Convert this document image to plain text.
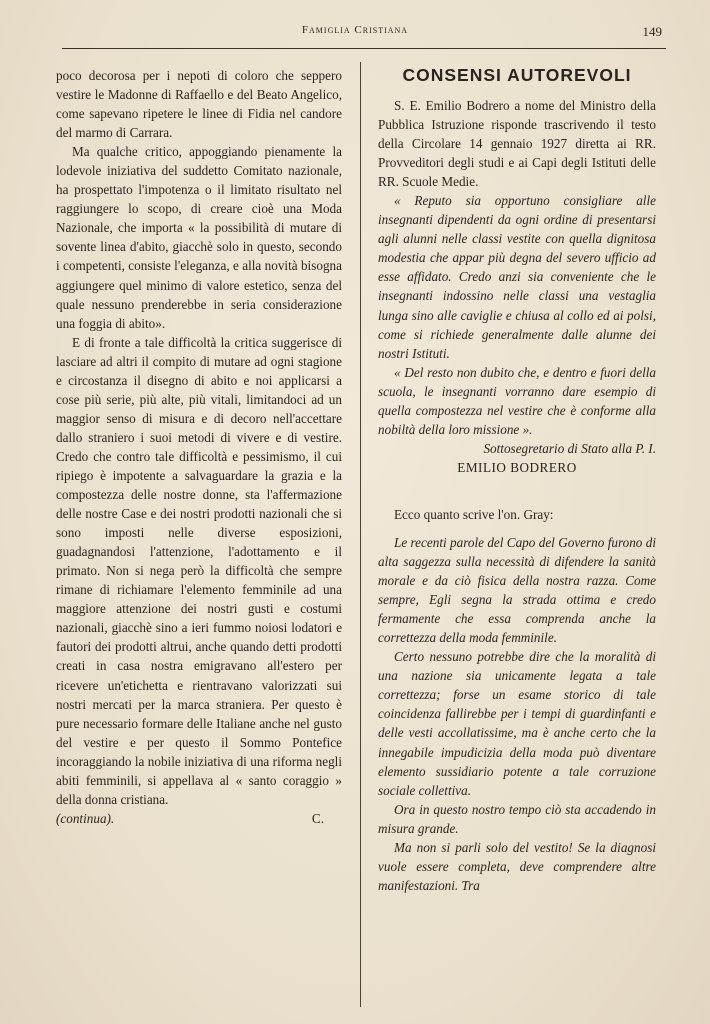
Famiglia Cristiana	149

poco decorosa per i nepoti di coloro che seppero vestire le Madonne di Raffaello e del Beato Angelico, come sapevano ripetere le linee di Fidia nel candore del marmo di Carrara.

Ma qualche critico, appoggiando pienamente la lodevole iniziativa del suddetto Comitato nazionale, ha prospettato l'impotenza o il limitato risultato nel raggiungere lo scopo, di creare cioè una Moda Nazionale, che importa « la possibilità di mutare di sovente linea d'abito, giacchè solo in questo, secondo i competenti, consiste l'eleganza, e alla novità bisogna aggiungere quel minimo di valore estetico, senza del quale nessuno prenderebbe in seria considerazione una foggia di abito».

E di fronte a tale difficoltà la critica suggerisce di lasciare ad altri il compito di mutare ad ogni stagione e circostanza il disegno di abito e noi applicarsi a cose più serie, più alte, più vitali, limitandoci ad un maggior senso di misura e di decoro nell'accettare dallo straniero i suoi metodi di vivere e di vestire. Credo che contro tale difficoltà e pessimismo, il cui ripiego è impotente a salvaguardare la grazia e la compostezza delle nostre donne, sta l'affermazione delle nostre Case e dei nostri prodotti nazionali che si sono imposti nelle diverse esposizioni, guadagnandosi l'attenzione, l'adottamento e il primato. Non si nega però la difficoltà che sempre rimane di richiamare l'elemento femminile ad una maggiore attenzione dei nostri gusti e costumi nazionali, giacchè sino a ieri fummo noiosi lodatori e fautori dei prodotti altrui, anche quando detti prodotti creati in casa nostra emigravano all'estero per ricevere un'etichetta e rientravano valorizzati sui nostri mercati per la marca straniera. Per questo è pure necessario formare delle Italiane anche nel gusto del vestire e per questo il Sommo Pontefice incoraggiando la nobile iniziativa di una riforma negli abiti femminili, si appellava al « santo coraggio » della donna cristiana.

(continua).	C.
CONSENSI AUTOREVOLI

S. E. Emilio Bodrero a nome del Ministro della Pubblica Istruzione risponde trascrivendo il testo della Circolare 14 gennaio 1927 diretta ai RR. Provveditori degli studi e ai Capi degli Istituti delle RR. Scuole Medie.

« Reputo sia opportuno consigliare alle insegnanti dipendenti da ogni ordine di presentarsi agli alunni nelle classi vestite con quella dignitosa modestia che appar più degna del severo ufficio ad esse affidato. Credo anzi sia conveniente che le insegnanti indossino nelle classi una vestaglia lunga sino alle caviglie e chiusa al collo ed ai polsi, come si richiede generalmente dalle alunne dei nostri Istituti.

« Del resto non dubito che, e dentro e fuori della scuola, le insegnanti vorranno dare esempio di quella compostezza nel vestire che è conforme alla nobiltà della loro missione ».

Sottosegretario di Stato alla P. I.

EMILIO BODRERO

Ecco quanto scrive l'on. Gray:

Le recenti parole del Capo del Governo furono di alta saggezza sulla necessità di difendere la sanità morale e da ciò fisica della nostra razza. Come sempre, Egli segna la strada ottima e credo fermamente che essa comprenda anche la correttezza della moda femminile.

Certo nessuno potrebbe dire che la moralità di una nazione sia unicamente legata a tale correttezza; forse un esame storico di tale coincidenza fallirebbe per i tempi di guardinfanti e delle vesti accollatissime, ma è anche certo che la innegabile impudicizia della moda può diventare elemento sussidiario potente a tale corruzione sociale collettiva.

Ora in questo nostro tempo ciò sta accadendo in misura grande.

Ma non si parli solo del vestito! Se la diagnosi vuole essere completa, deve comprendere altre manifestazioni. Tra
